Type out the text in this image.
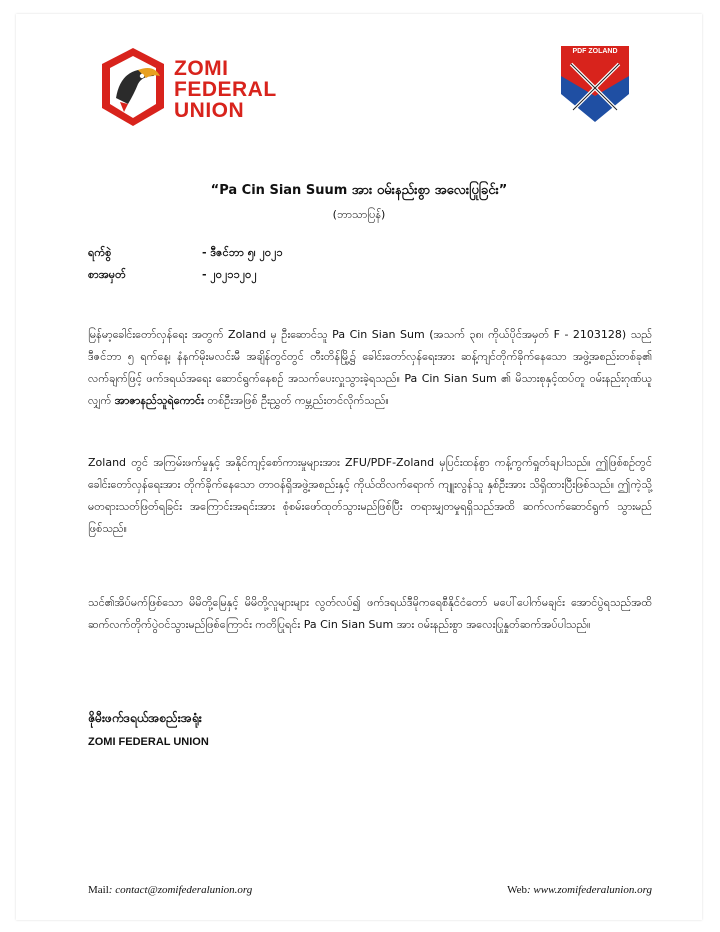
ZOMI
FEDERAL
UNION
PDF ZOLAND
“Pa Cin Sian Suum အား ဝမ်းနည်းစွာ အလေးပြုခြင်း”
(ဘာသာပြန်)
ရက်စွဲ	- ဒီဇင်ဘာ ၅၊ ၂၀၂၁
စာအမှတ်	- ၂၀၂၁၁၂၀၂
မြန်မာ့ခေါင်းတော်လှန်ရေး အတွက် Zoland မှ ဦးဆောင်သူ Pa Cin Sian Sum (အသက် ၃၈၊ ကိုယ်ပိုင်အမှတ် F - 2103128) သည် ဒီဇင်ဘာ ၅ ရက်နေ့၊ နံနက်မိုးမလင်းမီ အချိန်တွင်တွင် တီးတိန်မြို့၌ ခေါင်းတော်လှန်ရေးအား ဆန့်ကျင်တိုက်ခိုက်နေသော အဖွဲ့အစည်းတစ်ခု၏ လက်ချက်ဖြင့် ဖက်ဒရယ်အရေး ဆောင်ရွက်နေစဉ် အသက်ပေးလှူသွားခဲ့ရသည်။ Pa Cin Sian Sum ၏ မိသားစုနှင့်ထပ်တူ ဝမ်းနည်းဂုဏ်ယူ လျှက် အာဇာနည်သူရဲကောင်း တစ်ဦးအဖြစ် ဦးညွှတ် ကမ္ဘည်းတင်လိုက်သည်။
Zoland တွင် အကြမ်းဖက်မှုနှင့် အနိုင်ကျင့်စော်ကားမှုများအား ZFU/PDF-Zoland မှပြင်းထန်စွာ ကန့်ကွက်ရှုတ်ချပါသည်။ ဤဖြစ်စဉ်တွင် ခေါင်းတော်လှန်ရေးအား တိုက်ခိုက်နေသော တာဝန်ရှိအဖွဲ့အစည်းနှင့် ကိုယ်ထိလက်ရောက် ကျူးလွန်သူ နှစ်ဦးအား သိရှိထားပြီးဖြစ်သည်။ ဤကဲ့သို့မတရားသတ်ဖြတ်ရခြင်း အကြောင်းအရင်းအား စုံစမ်းဖော်ထုတ်သွားမည်ဖြစ်ပြီး တရားမျှတမှုရရှိသည်အထိ ဆက်လက်ဆောင်ရွက် သွားမည်ဖြစ်သည်။
သင်၏အိပ်မက်ဖြစ်သော မိမိတို့မြေနှင့် မိမိတို့လူများများ လွတ်လပ်၍ ဖက်ဒရယ်ဒီမိုကရေစီနိုင်ငံတော် မပေါ်ပေါက်မချင်း အောင်ပွဲရသည်အထိ ဆက်လက်တိုက်ပွဲဝင်သွားမည်ဖြစ်ကြောင်း ကတိပြုရင်း Pa Cin Sian Sum အား ဝမ်းနည်းစွာ အလေးပြုနှုတ်ဆက်အပ်ပါသည်။
ဇိုမီးဖက်ဒရယ်အစည်းအရုံး
ZOMI FEDERAL UNION
Mail: contact@zomifederalunion.org	Web: www.zomifederalunion.org
